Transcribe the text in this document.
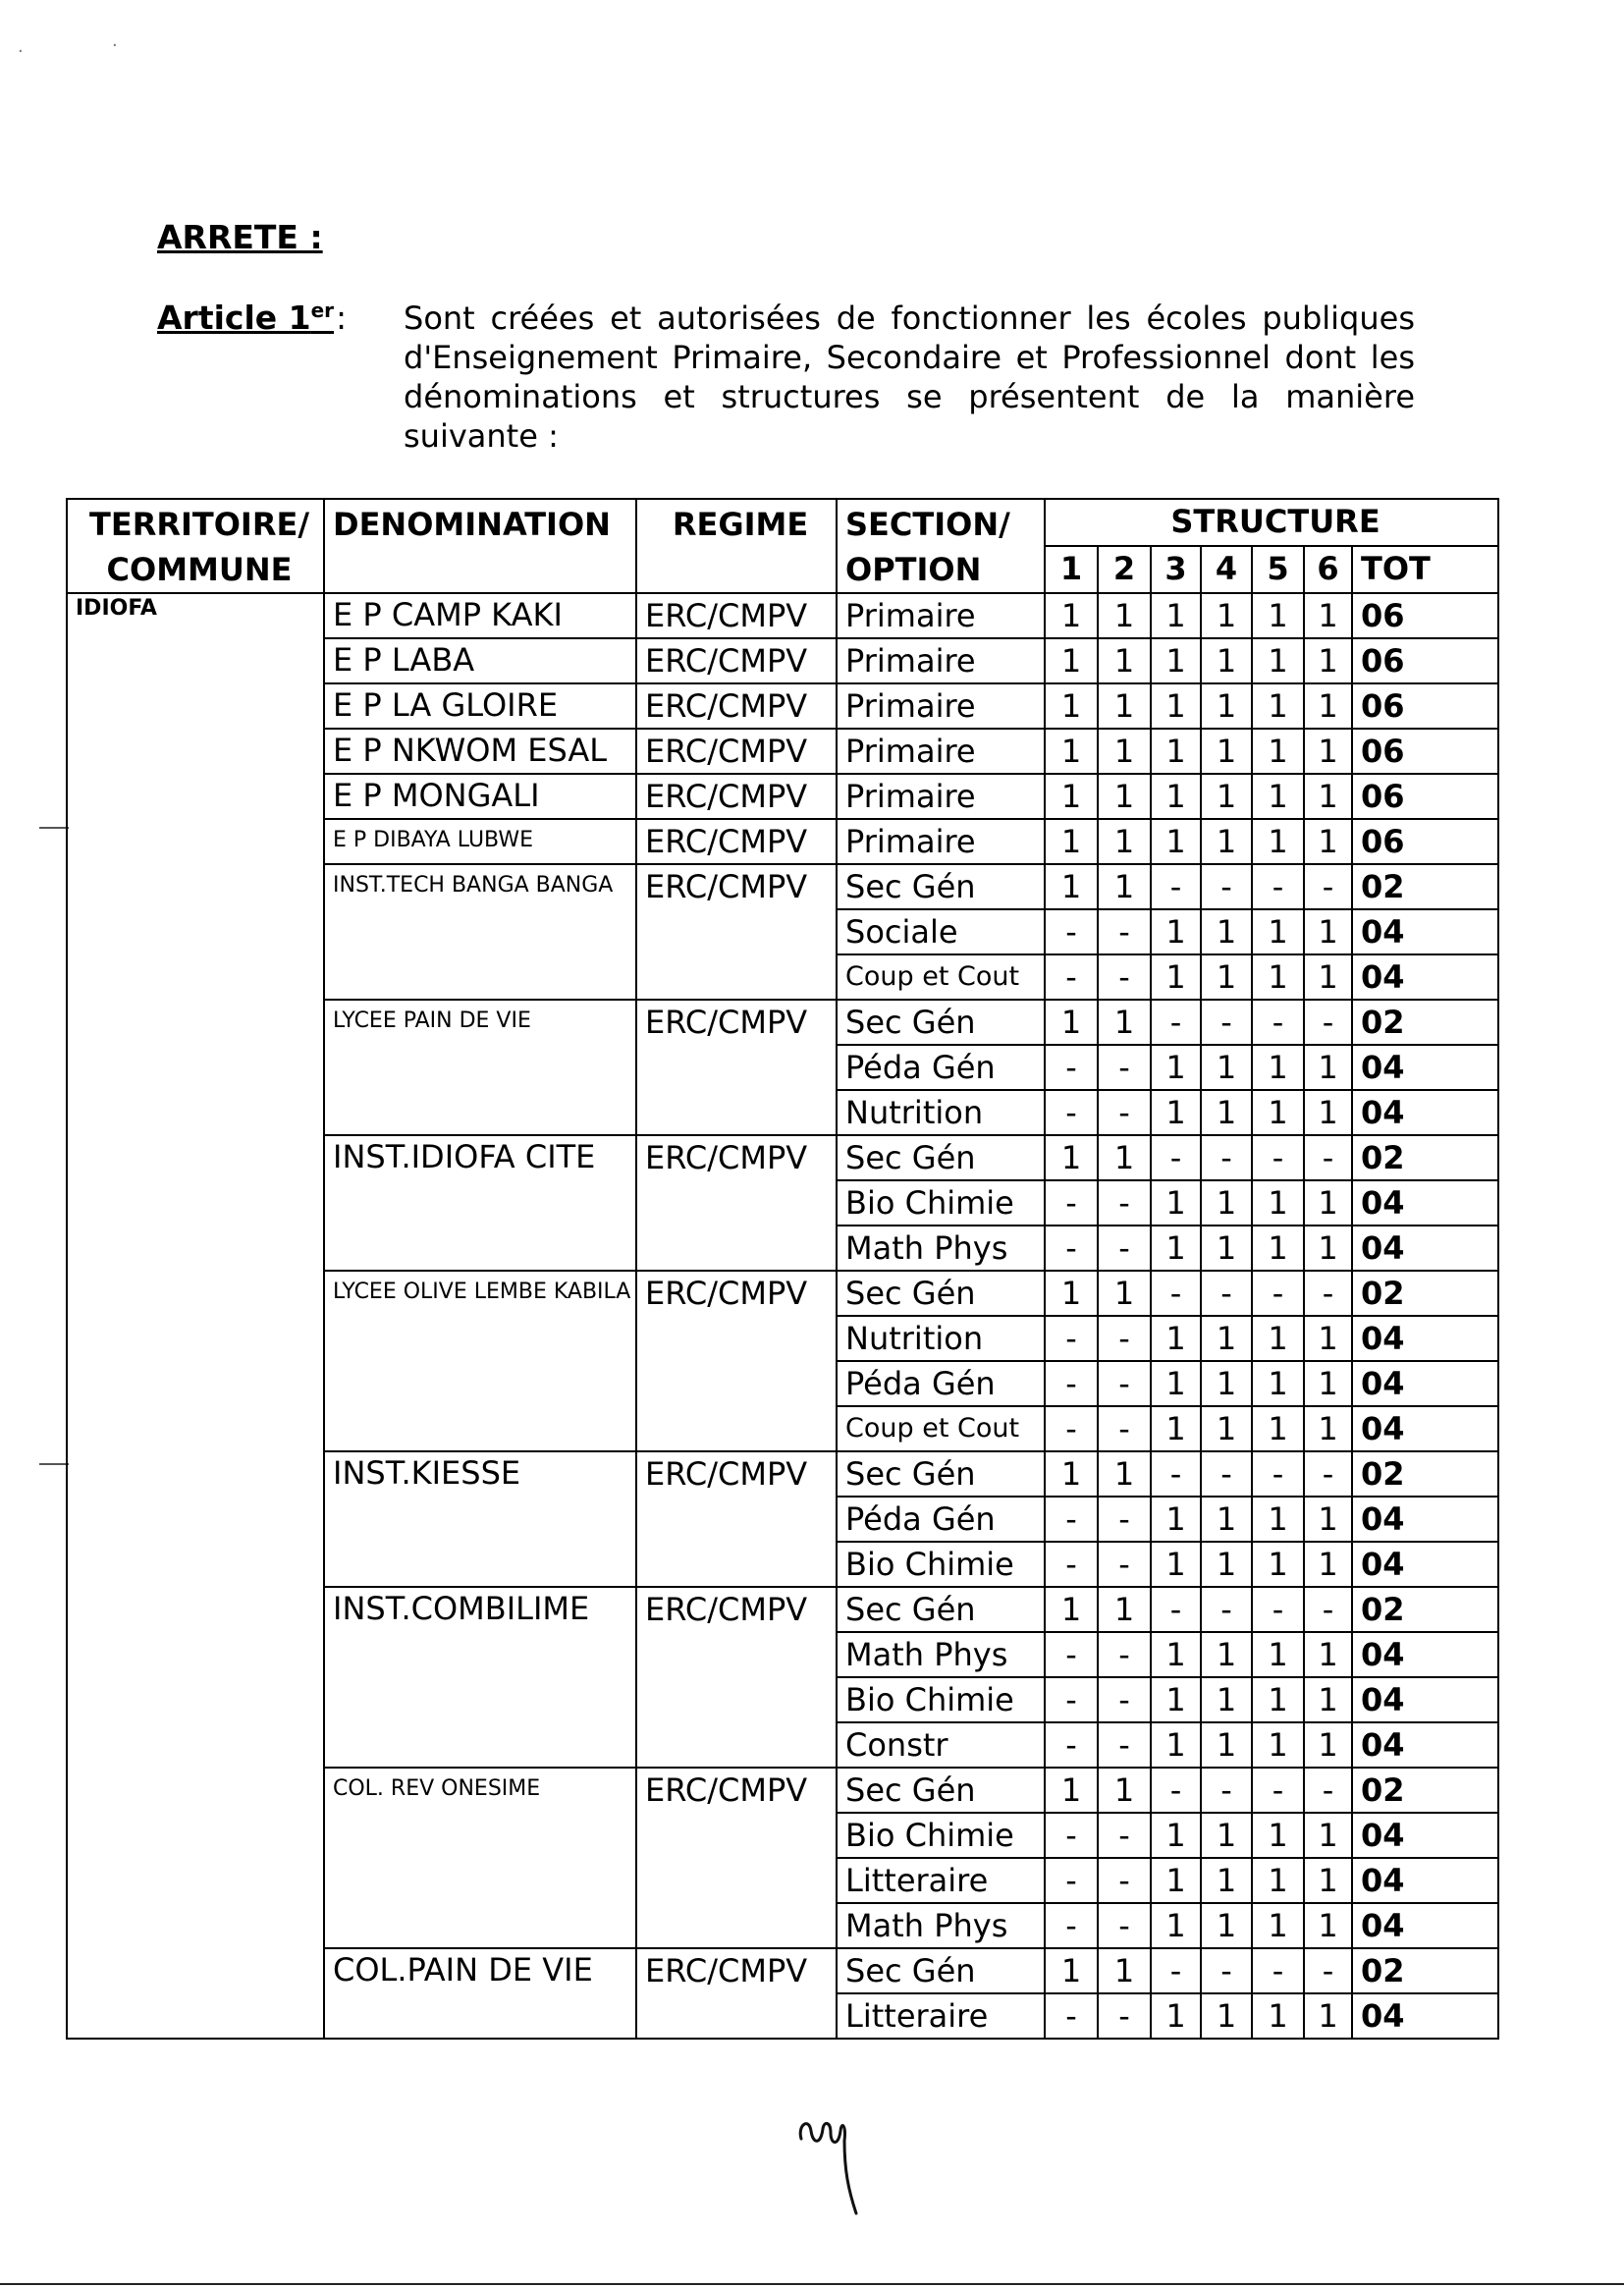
·	·
ARRETE :
Article 1er : Sont créées et autorisées de fonctionner les écoles publiques
d'Enseignement Primaire, Secondaire et Professionnel dont les
dénominations et structures se présentent de la manière suivante :
TERRITOIRE/ COMMUNE	DENOMINATION	REGIME	SECTION/ OPTION	STRUCTURE						
				1	2	3	4	5	6	TOT
IDIOFA	E P CAMP KAKI	ERC/CMPV	Primaire	1	1	1	1	1	1	06
	E P LABA	ERC/CMPV	Primaire	1	1	1	1	1	1	06
	E P LA GLOIRE	ERC/CMPV	Primaire	1	1	1	1	1	1	06
	E P NKWOM ESAL	ERC/CMPV	Primaire	1	1	1	1	1	1	06
	E P MONGALI	ERC/CMPV	Primaire	1	1	1	1	1	1	06
	E P DIBAYA LUBWE	ERC/CMPV	Primaire	1	1	1	1	1	1	06
	INST.TECH BANGA BANGA	ERC/CMPV	Sec Gén	1	1	-	-	-	-	02
			Sociale	-	-	1	1	1	1	04
			Coup et Cout	-	-	1	1	1	1	04
	LYCEE PAIN DE VIE	ERC/CMPV	Sec Gén	1	1	-	-	-	-	02
			Péda Gén	-	-	1	1	1	1	04
			Nutrition	-	-	1	1	1	1	04
	INST.IDIOFA CITE	ERC/CMPV	Sec Gén	1	1	-	-	-	-	02
			Bio Chimie	-	-	1	1	1	1	04
			Math Phys	-	-	1	1	1	1	04
	LYCEE OLIVE LEMBE KABILA	ERC/CMPV	Sec Gén	1	1	-	-	-	-	02
			Nutrition	-	-	1	1	1	1	04
			Péda Gén	-	-	1	1	1	1	04
			Coup et Cout	-	-	1	1	1	1	04
	INST.KIESSE	ERC/CMPV	Sec Gén	1	1	-	-	-	-	02
			Péda Gén	-	-	1	1	1	1	04
			Bio Chimie	-	-	1	1	1	1	04
	INST.COMBILIME	ERC/CMPV	Sec Gén	1	1	-	-	-	-	02
			Math Phys	-	-	1	1	1	1	04
			Bio Chimie	-	-	1	1	1	1	04
			Constr	-	-	1	1	1	1	04
	COL. REV ONESIME	ERC/CMPV	Sec Gén	1	1	-	-	-	-	02
			Bio Chimie	-	-	1	1	1	1	04
			Litteraire	-	-	1	1	1	1	04
			Math Phys	-	-	1	1	1	1	04
	COL.PAIN DE VIE	ERC/CMPV	Sec Gén	1	1	-	-	-	-	02
			Litteraire	-	-	1	1	1	1	04
